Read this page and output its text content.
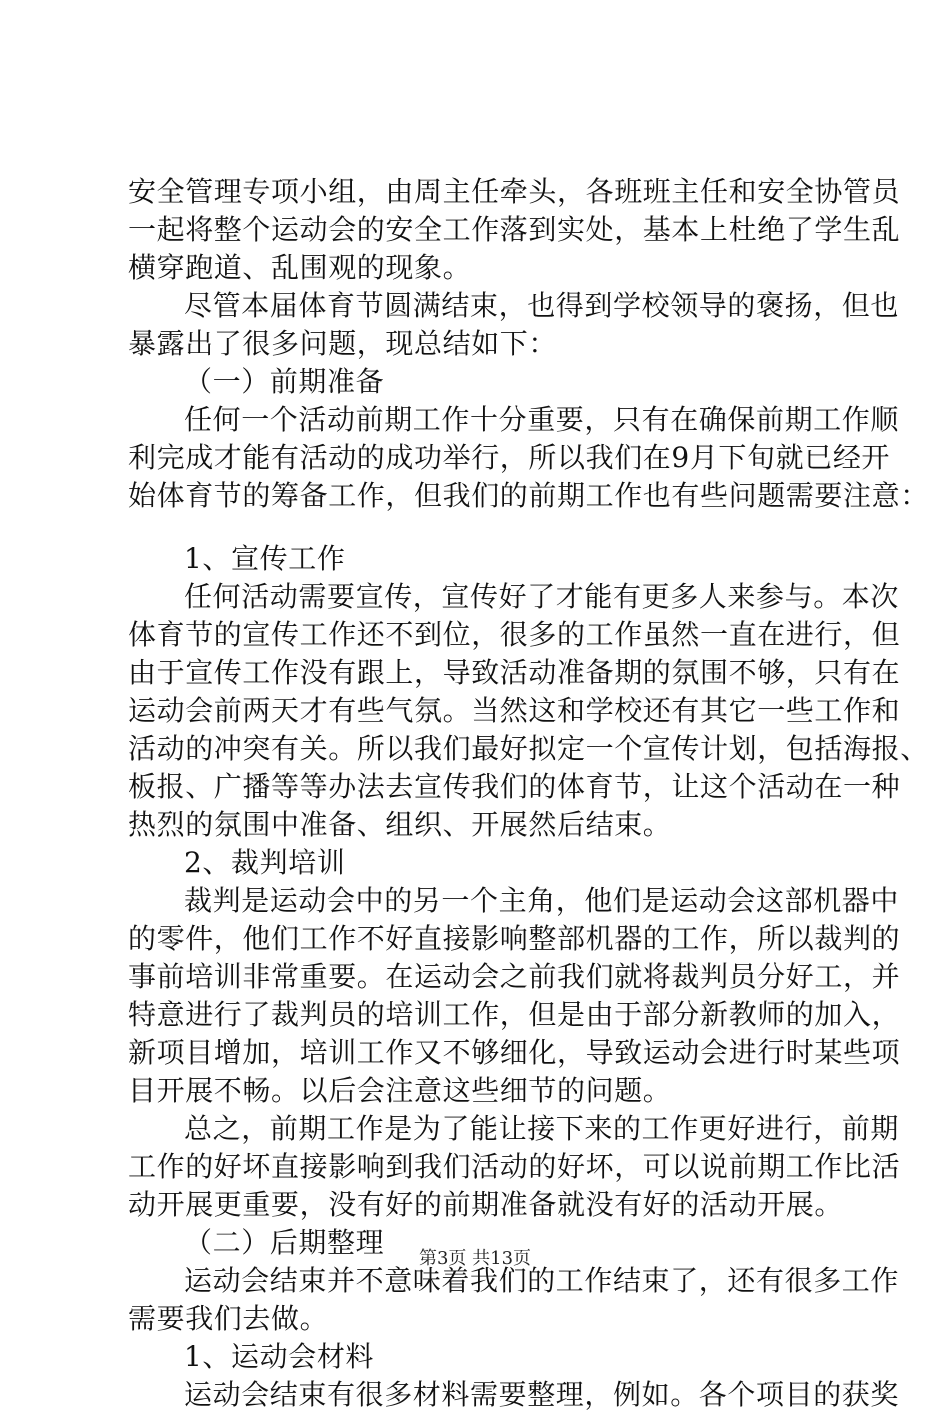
安全管理专项小组，由周主任牵头，各班班主任和安全协管员
一起将整个运动会的安全工作落到实处，基本上杜绝了学生乱
横穿跑道、乱围观的现象。
尽管本届体育节圆满结束，也得到学校领导的褒扬，但也
暴露出了很多问题，现总结如下：
（一）前期准备
任何一个活动前期工作十分重要，只有在确保前期工作顺
利完成才能有活动的成功举行，所以我们在9月下旬就已经开
始体育节的筹备工作，但我们的前期工作也有些问题需要注意：
1、宣传工作
任何活动需要宣传，宣传好了才能有更多人来参与。本次
体育节的宣传工作还不到位，很多的工作虽然一直在进行，但
由于宣传工作没有跟上，导致活动准备期的氛围不够，只有在
运动会前两天才有些气氛。当然这和学校还有其它一些工作和
活动的冲突有关。所以我们最好拟定一个宣传计划，包括海报、
板报、广播等等办法去宣传我们的体育节，让这个活动在一种
热烈的氛围中准备、组织、开展然后结束。
2、裁判培训
裁判是运动会中的另一个主角，他们是运动会这部机器中
的零件，他们工作不好直接影响整部机器的工作，所以裁判的
事前培训非常重要。在运动会之前我们就将裁判员分好工，并
特意进行了裁判员的培训工作，但是由于部分新教师的加入，
新项目增加，培训工作又不够细化，导致运动会进行时某些项
目开展不畅。以后会注意这些细节的问题。
总之，前期工作是为了能让接下来的工作更好进行，前期
工作的好坏直接影响到我们活动的好坏，可以说前期工作比活
动开展更重要，没有好的前期准备就没有好的活动开展。
（二）后期整理
运动会结束并不意味着我们的工作结束了，还有很多工作
需要我们去做。
1、运动会材料
运动会结束有很多材料需要整理，例如。各个项目的获奖
第3页 共13页
